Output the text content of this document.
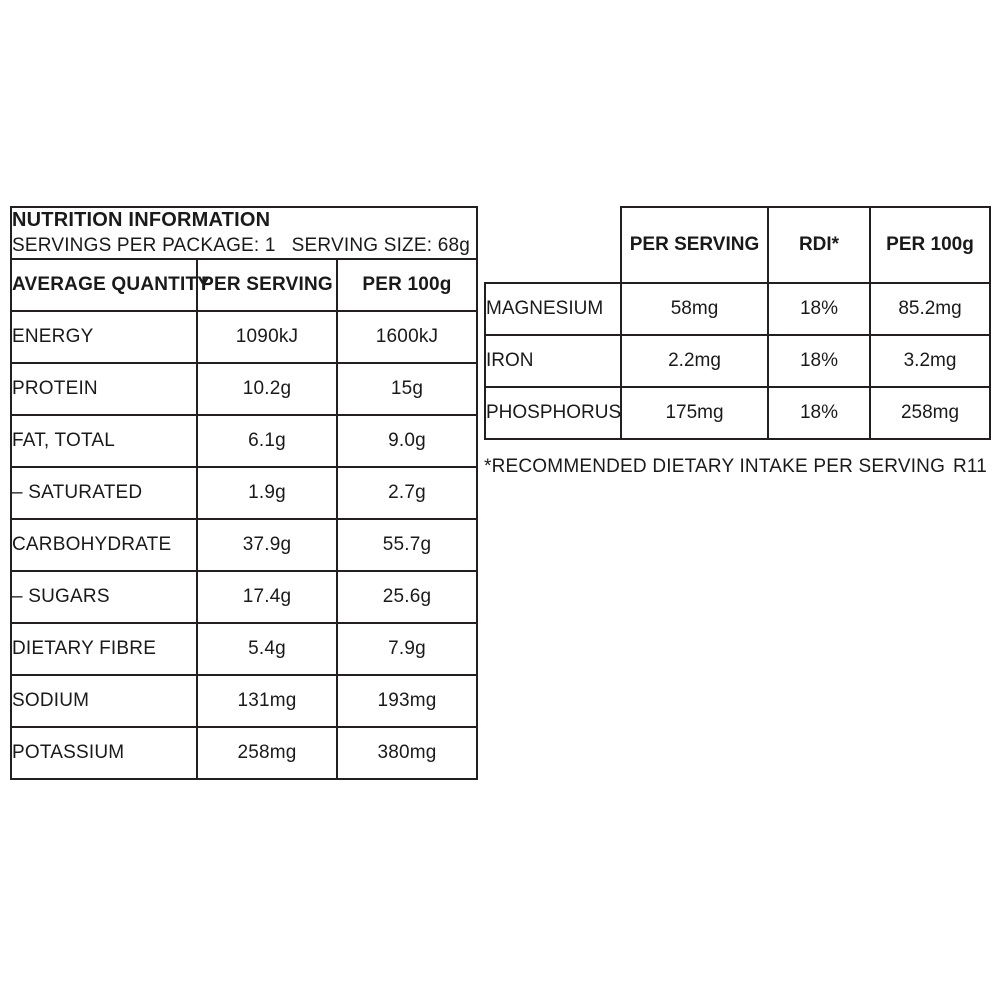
NUTRITION INFORMATION
SERVINGS PER PACKAGE: 1 SERVING SIZE: 68g		

AVERAGE QUANTITY	PER SERVING	PER 100g
ENERGY	1090kJ	1600kJ
PROTEIN	10.2g	15g
FAT, TOTAL	6.1g	9.0g
– SATURATED	1.9g	2.7g
CARBOHYDRATE	37.9g	55.7g
– SUGARS	17.4g	25.6g
DIETARY FIBRE	5.4g	7.9g
SODIUM	131mg	193mg
POTASSIUM	258mg	380mg
	PER SERVING	RDI*	PER 100g
MAGNESIUM	58mg	18%	85.2mg
IRON	2.2mg	18%	3.2mg
PHOSPHORUS	175mg	18%	258mg
*RECOMMENDED DIETARY INTAKE PER SERVING R11
